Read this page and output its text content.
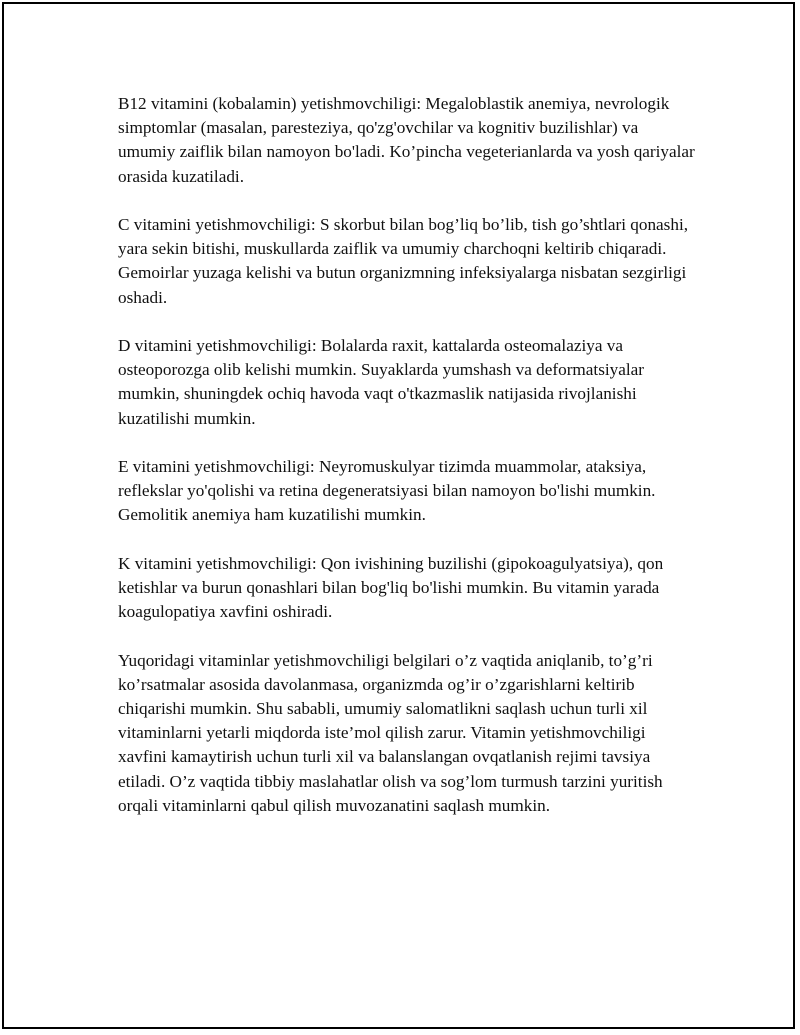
B12 vitamini (kobalamin) yetishmovchiligi: Megaloblastik anemiya, nevrologik simptomlar (masalan, paresteziya, qo'zg'ovchilar va kognitiv buzilishlar) va umumiy zaiflik bilan namoyon bo'ladi. Ko’pincha vegeterianlarda va yosh qariyalar orasida kuzatiladi.

C vitamini yetishmovchiligi: S skorbut bilan bog’liq bo’lib, tish go’shtlari qonashi, yara sekin bitishi, muskullarda zaiflik va umumiy charchoqni keltirib chiqaradi. Gemoirlar yuzaga kelishi va butun organizmning infeksiyalarga nisbatan sezgirligi oshadi.

D vitamini yetishmovchiligi: Bolalarda raxit, kattalarda osteomalaziya va osteoporozga olib kelishi mumkin. Suyaklarda yumshash va deformatsiyalar mumkin, shuningdek ochiq havoda vaqt o'tkazmaslik natijasida rivojlanishi kuzatilishi mumkin.

E vitamini yetishmovchiligi: Neyromuskulyar tizimda muammolar, ataksiya, reflekslar yo'qolishi va retina degeneratsiyasi bilan namoyon bo'lishi mumkin. Gemolitik anemiya ham kuzatilishi mumkin.

K vitamini yetishmovchiligi: Qon ivishining buzilishi (gipokoagulyatsiya), qon ketishlar va burun qonashlari bilan bog'liq bo'lishi mumkin. Bu vitamin yarada koagulopatiya xavfini oshiradi.

Yuqoridagi vitaminlar yetishmovchiligi belgilari o’z vaqtida aniqlanib, to’g’ri ko’rsatmalar asosida davolanmasa, organizmda og’ir o’zgarishlarni keltirib chiqarishi mumkin. Shu sababli, umumiy salomatlikni saqlash uchun turli xil vitaminlarni yetarli miqdorda iste’mol qilish zarur. Vitamin yetishmovchiligi xavfini kamaytirish uchun turli xil va balanslangan ovqatlanish rejimi tavsiya etiladi. O’z vaqtida tibbiy maslahatlar olish va sog’lom turmush tarzini yuritish orqali vitaminlarni qabul qilish muvozanatini saqlash mumkin.
